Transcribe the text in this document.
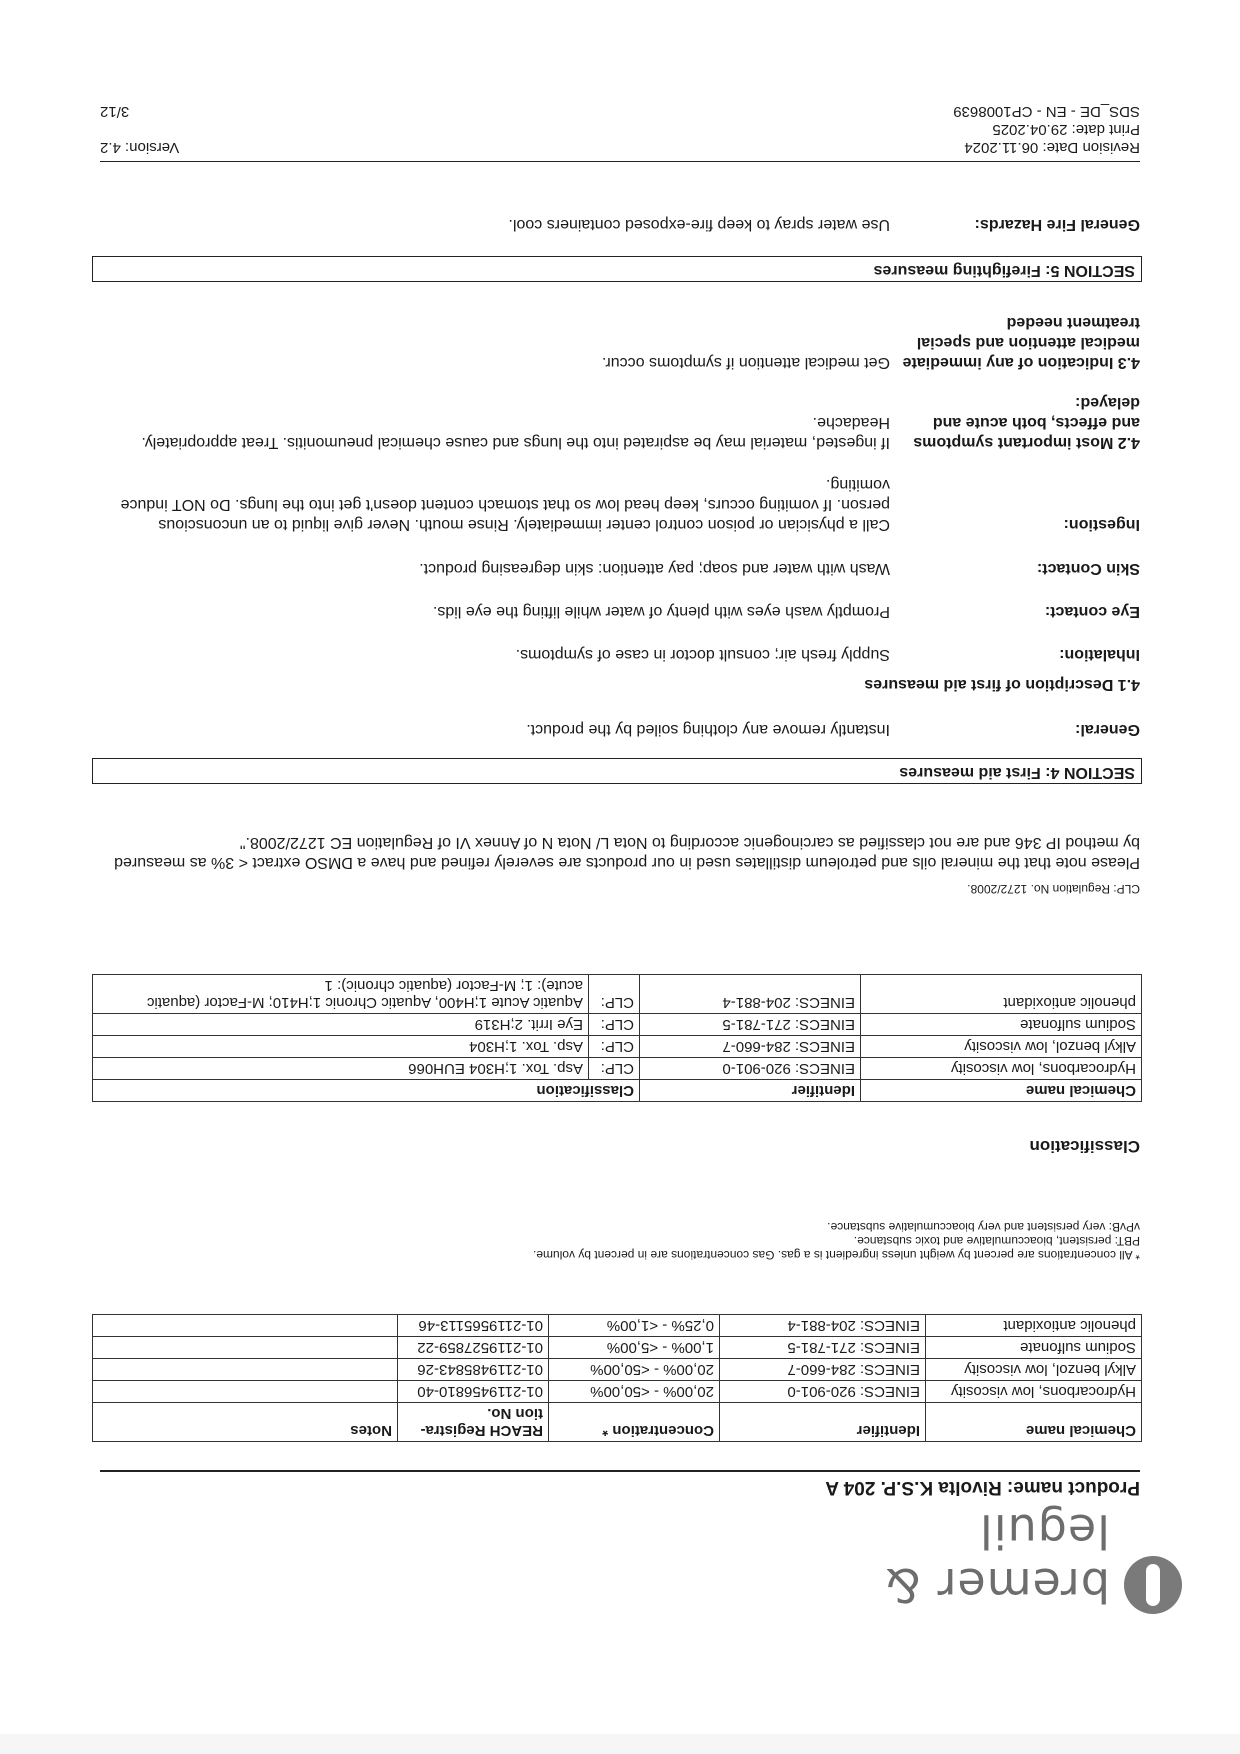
bremer & leguil
Product name: Rivolta K.S.P. 204 A
Chemical name	Identifier	Concentration *	REACH Registra-tion No.	Notes
Hydrocarbons, low viscosity	EINECS: 920-901-0	20,00% - <50,00%	01-2119456810-40	
Alkyl benzol, low viscosity	EINECS: 284-660-7	20,00% - <50,00%	01-2119485843-26	
Sodium sulfonate	EINECS: 271-781-5	1,00% - <5,00%	01-2119527859-22	
phenolic antioxidant	EINECS: 204-881-4	0,25% - <1,00%	01-2119565113-46	
* All concentrations are percent by weight unless ingredient is a gas. Gas concentrations are in percent by volume.
PBT: persistent, bioaccumulative and toxic substance.
vPvB: very persistent and very bioaccumulative substance.
Classification
Chemical name	Identifier	Classification	
Hydrocarbons, low viscosity	EINECS: 920-901-0	CLP:	Asp. Tox. 1;H304 EUH066
Alkyl benzol, low viscosity	EINECS: 284-660-7	CLP:	Asp. Tox. 1;H304
Sodium sulfonate	EINECS: 271-781-5	CLP:	Eye Irrit. 2;H319
phenolic antioxidant	EINECS: 204-881-4	CLP:	Aquatic Acute 1;H400, Aquatic Chronic 1;H410; M-Factor (aquatic acute): 1; M-Factor (aquatic chronic): 1
CLP: Regulation No. 1272/2008.
Please note that the mineral oils and petroleum distillates used in our products are severely refined and have a DMSO extract < 3% as measured by method IP 346 and are not classified as carcinogenic according to Nota L/ Nota N of Annex VI of Regulation EC 1272/2008."
SECTION 4: First aid measures
General:
Instantly remove any clothing soiled by the product.
4.1 Description of first aid measures
Inhalation:
Supply fresh air; consult doctor in case of symptoms.
Eye contact:
Promptly wash eyes with plenty of water while lifting the eye lids.
Skin Contact:
Wash with water and soap; pay attention: skin degreasing product.
Ingestion:
Call a physician or poison control center immediately. Rinse mouth. Never give liquid to an unconscious person. If vomiting occurs, keep head low so that stomach content doesn't get into the lungs. Do NOT induce vomiting.
4.2 Most important symptoms and effects, both acute and delayed:
If ingested, material may be aspirated into the lungs and cause chemical pneumonitis. Treat appropriately. Headache.
4.3 Indication of any immediate medical attention and special treatment needed
Get medical attention if symptoms occur.
SECTION 5: Firefighting measures
General Fire Hazards:
Use water spray to keep fire-exposed containers cool.
Revision Date: 06.11.2024
Print date: 29.04.2025
SDS_DE - EN - CP1008639
Version: 4.2

3/12
